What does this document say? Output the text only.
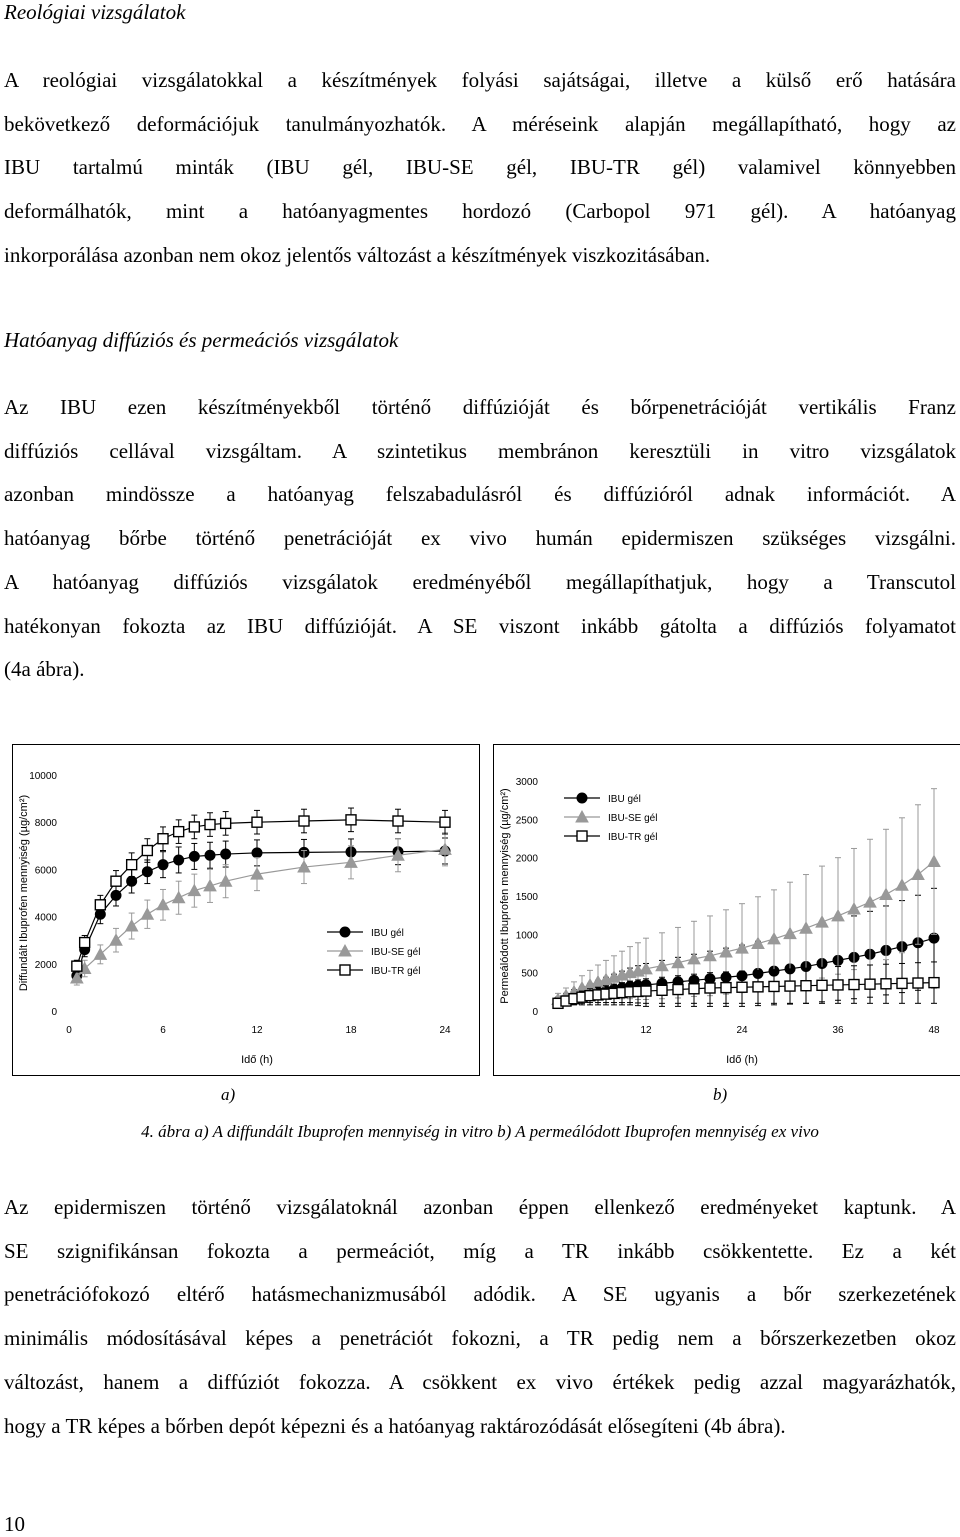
Reológiai vizsgálatok
A reológiai vizsgálatokkal a készítmények folyási sajátságai, illetve a külső erő hatására
bekövetkező deformációjuk tanulmányozhatók. A méréseink alapján megállapítható, hogy az
IBU tartalmú minták (IBU gél, IBU-SE gél, IBU-TR gél) valamivel könnyebben
deformálhatók, mint a hatóanyagmentes hordozó (Carbopol 971 gél). A hatóanyag
inkorporálása azonban nem okoz jelentős változást a készítmények viszkozitásában.
Hatóanyag diffúziós és permeációs vizsgálatok
Az IBU ezen készítményekből történő diffúzióját és bőrpenetrációját vertikális Franz
diffúziós cellával vizsgáltam. A szintetikus membránon keresztüli in vitro vizsgálatok
azonban mindössze a hatóanyag felszabadulásról és diffúzióról adnak információt. A
hatóanyag bőrbe történő penetrációját ex vivo humán epidermiszen szükséges vizsgálni.
A hatóanyag diffúziós vizsgálatok eredményéből megállapíthatjuk, hogy a Transcutol
hatékonyan fokozta az IBU diffúzióját. A SE viszont inkább gátolta a diffúziós folyamatot
(4a ábra).
0
2000
4000
6000
8000
10000
0	6	12	18	24
Idő (h)
Diffundált Ibuprofen mennyiség (µg/cm²)	IBU gél
IBU-SE gél
IBU-TR gél
0
500
1000
1500
2000
2500
3000
0	12	24	36	48
Idő (h)
Permeálódott Ibuprofen mennyiség (µg/cm²)	IBU gél
IBU-SE gél
IBU-TR gél
a)	b)
4. ábra a) A diffundált Ibuprofen mennyiség in vitro b) A permeálódott Ibuprofen mennyiség ex vivo
Az epidermiszen történő vizsgálatoknál azonban éppen ellenkező eredményeket kaptunk. A
SE szignifikánsan fokozta a permeációt, míg a TR inkább csökkentette. Ez a két
penetrációfokozó eltérő hatásmechanizmusából adódik. A SE ugyanis a bőr szerkezetének
minimális módosításával képes a penetrációt fokozni, a TR pedig nem a bőrszerkezetben okoz
változást, hanem a diffúziót fokozza. A csökkent ex vivo értékek pedig azzal magyarázhatók,
hogy a TR képes a bőrben depót képezni és a hatóanyag raktározódását elősegíteni (4b ábra).
10
